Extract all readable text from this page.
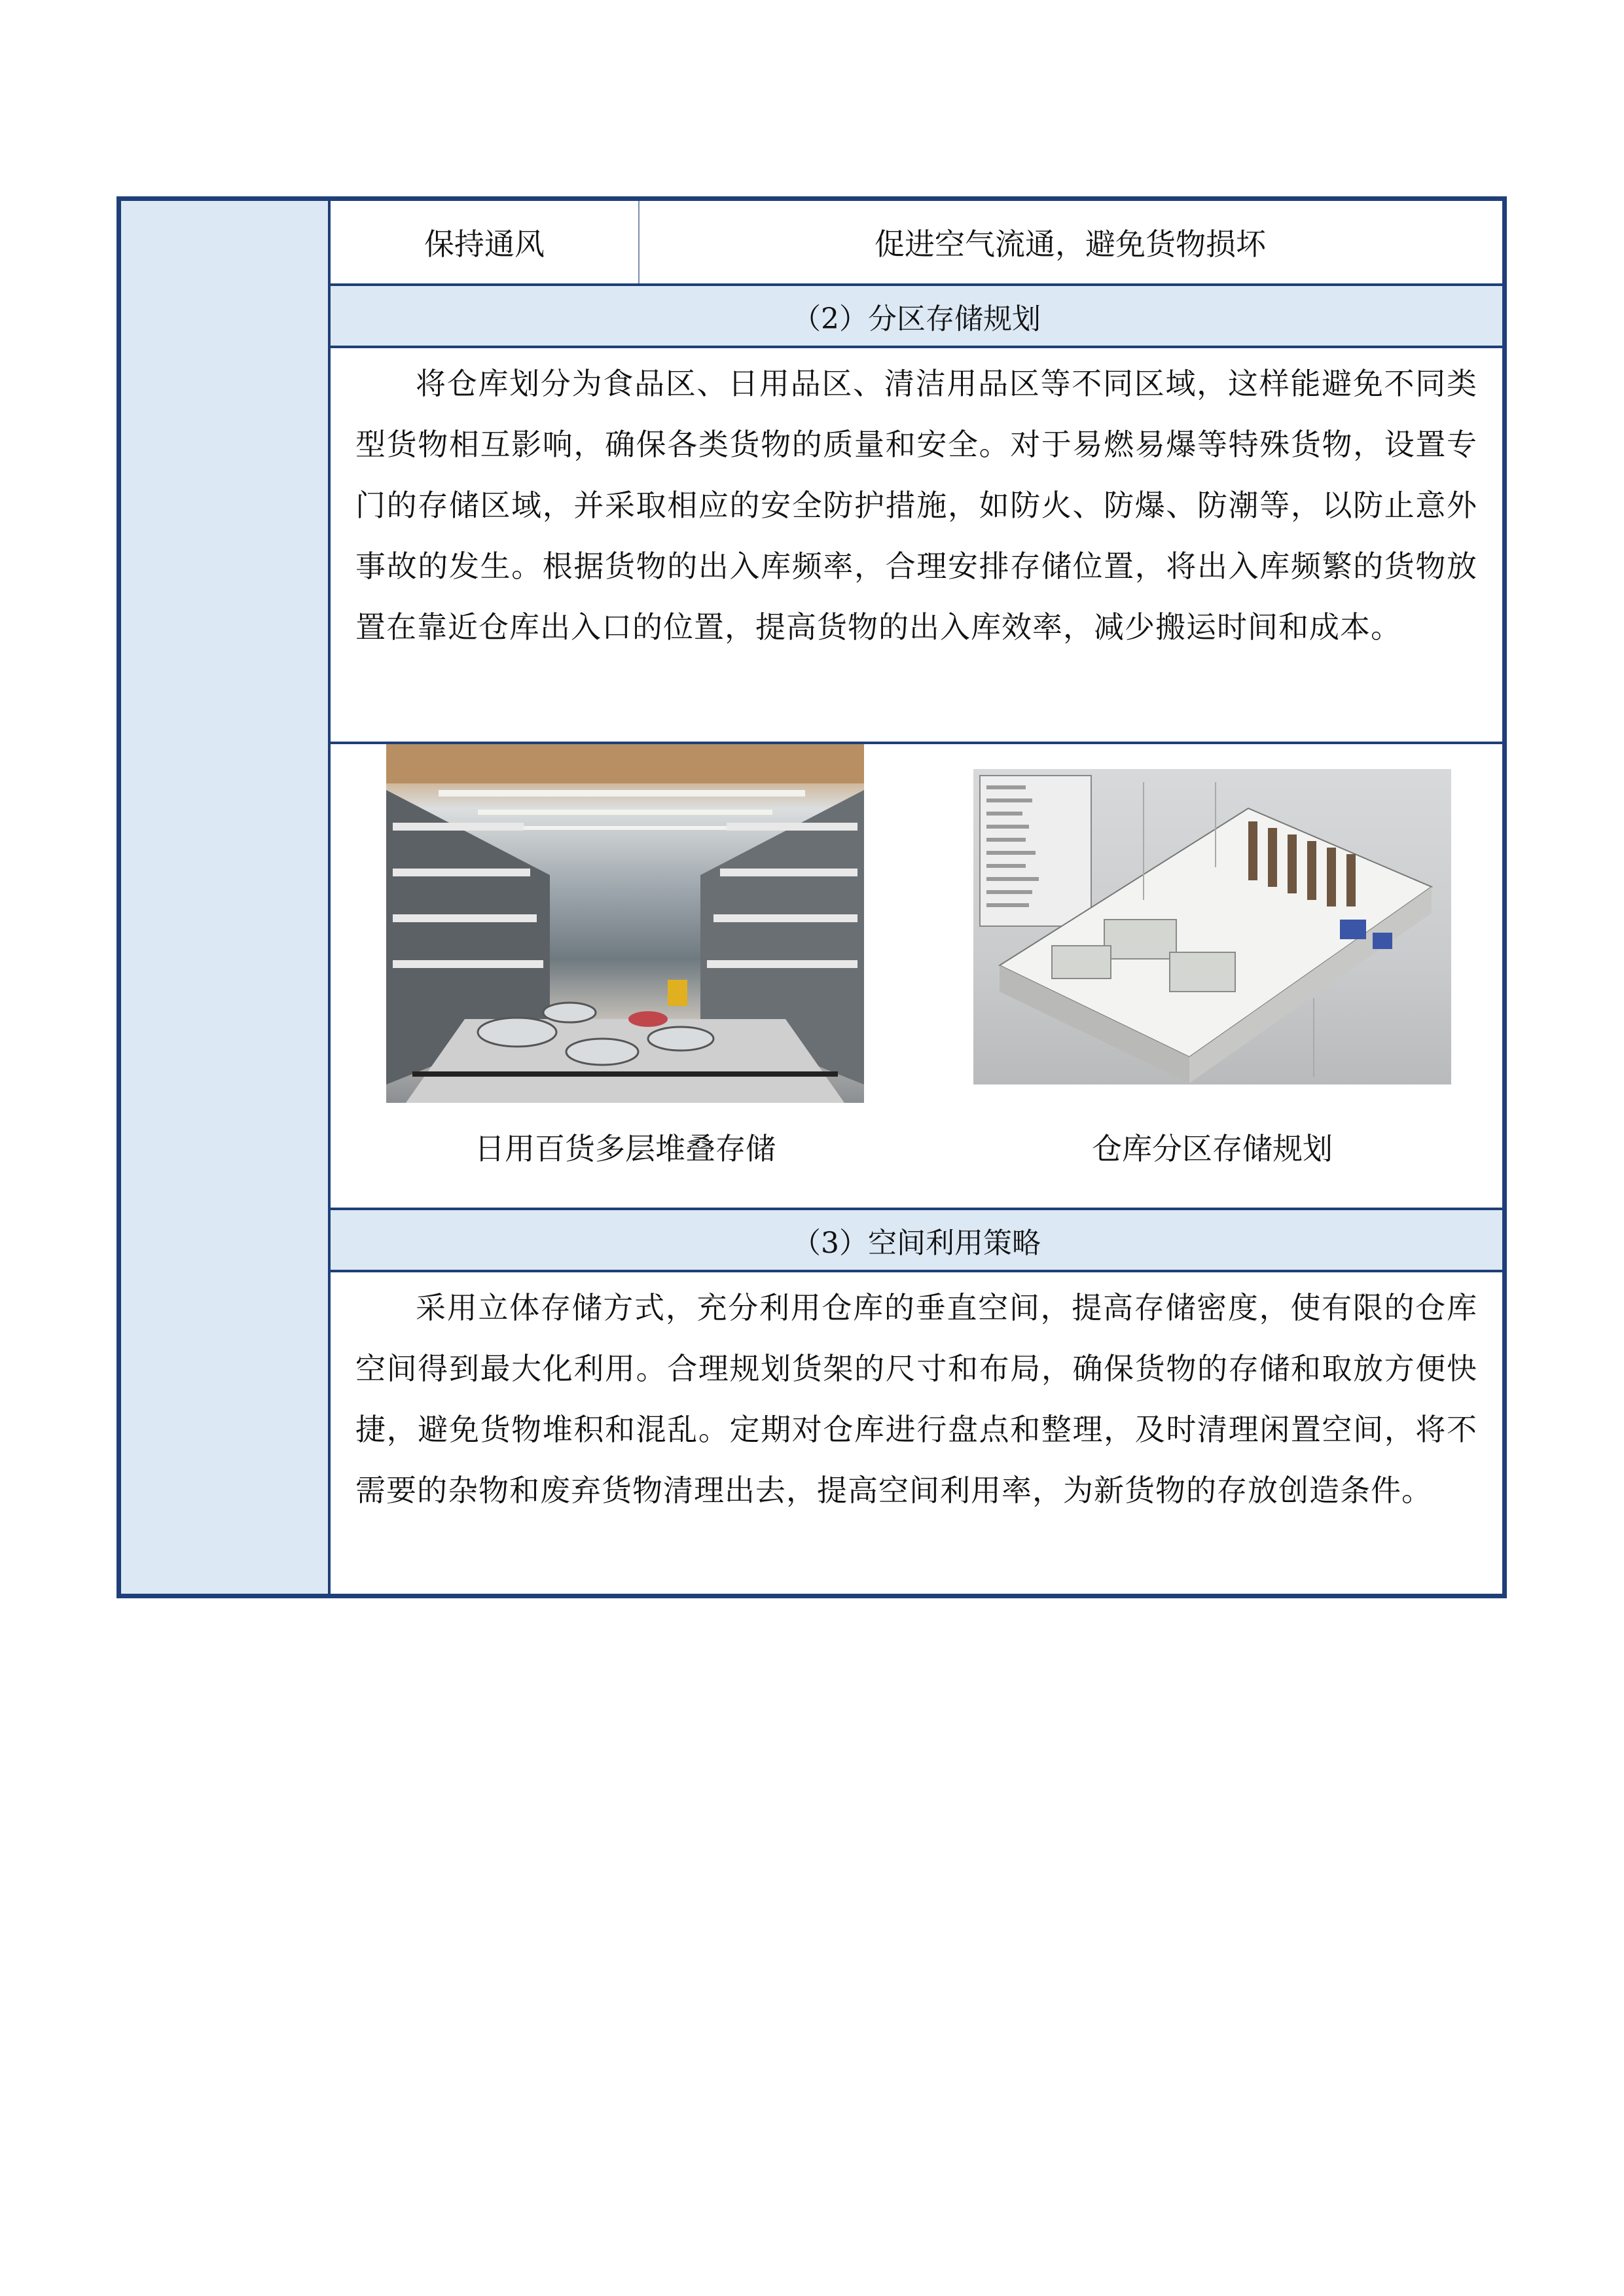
保持通风	促进空气流通，避免货物损坏
（2）分区存储规划

将仓库划分为食品区、日用品区、清洁用品区等不同区域，这样能避免不同类型货物相互影响，确保各类货物的质量和安全。对于易燃易爆等特殊货物，设置专门的存储区域，并采取相应的安全防护措施，如防火、防爆、防潮等，以防止意外事故的发生。根据货物的出入库频率，合理安排存储位置，将出入库频繁的货物放置在靠近仓库出入口的位置，提高货物的出入库效率，减少搬运时间和成本。

日用百货多层堆叠存储	仓库分区存储规划
（3）空间利用策略

采用立体存储方式，充分利用仓库的垂直空间，提高存储密度，使有限的仓库空间得到最大化利用。合理规划货架的尺寸和布局，确保货物的存储和取放方便快捷，避免货物堆积和混乱。定期对仓库进行盘点和整理，及时清理闲置空间，将不需要的杂物和废弃货物清理出去，提高空间利用率，为新货物的存放创造条件。
